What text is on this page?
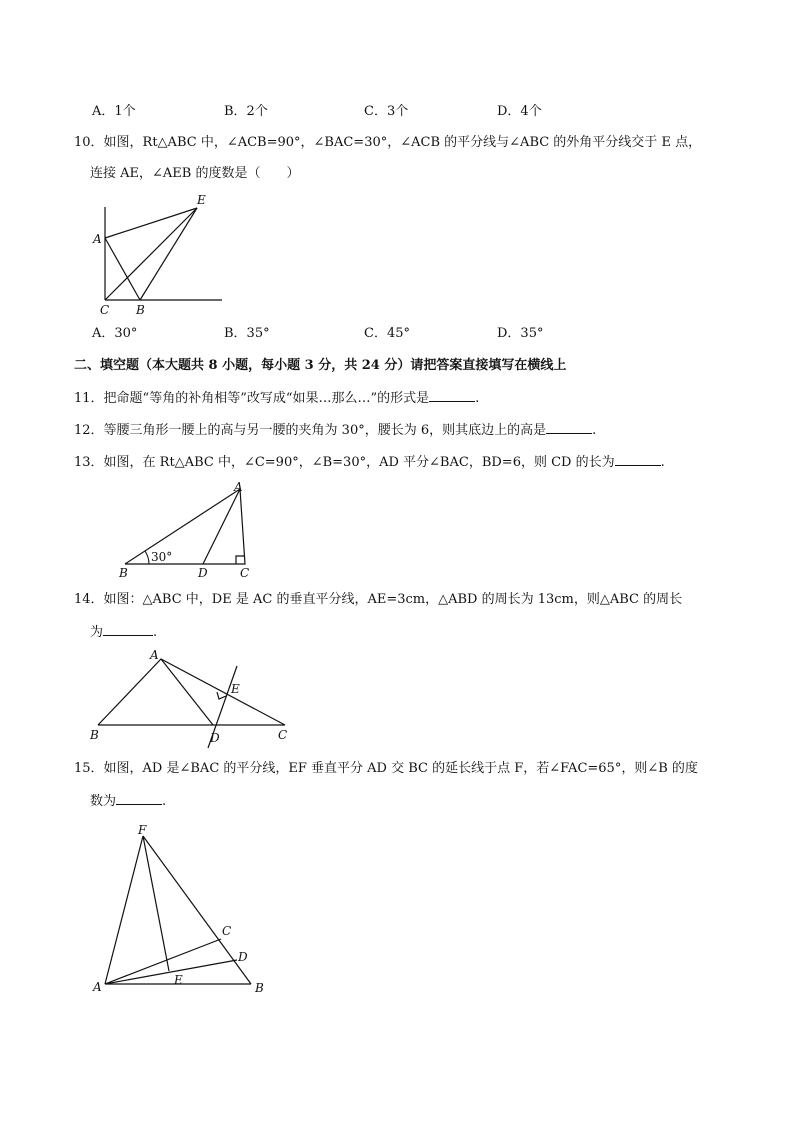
A．1个	B．2个	C．3个	D．4个
10．如图，Rt△ABC 中，∠ACB=90°，∠BAC=30°，∠ACB 的平分线与∠ABC 的外角平分线交于 E 点，
连接 AE，∠AEB 的度数是（　　）
A
E
C B
A．30°	B．35°	C．45°	D．35°
二、填空题（本大题共 8 小题，每小题 3 分，共 24 分）请把答案直接填写在横线上
11．把命题“等角的补角相等”改写成“如果…那么…”的形式是	.
12．等腰三角形一腰上的高与另一腰的夹角为 30°，腰长为 6，则其底边上的高是	.
13．如图，在 Rt△ABC 中，∠C=90°，∠B=30°，AD 平分∠BAC，BD=6，则 CD 的长为	.
30°
A
B	D	C
14．如图：△ABC 中，DE 是 AC 的垂直平分线，AE=3cm，△ABD 的周长为 13cm，则△ABC 的周长
为	.
A
E
B	D	C
15．如图，AD 是∠BAC 的平分线，EF 垂直平分 AD 交 BC 的延长线于点 F，若∠FAC=65°，则∠B 的度
数为	.
F
C
D
A	E
B
